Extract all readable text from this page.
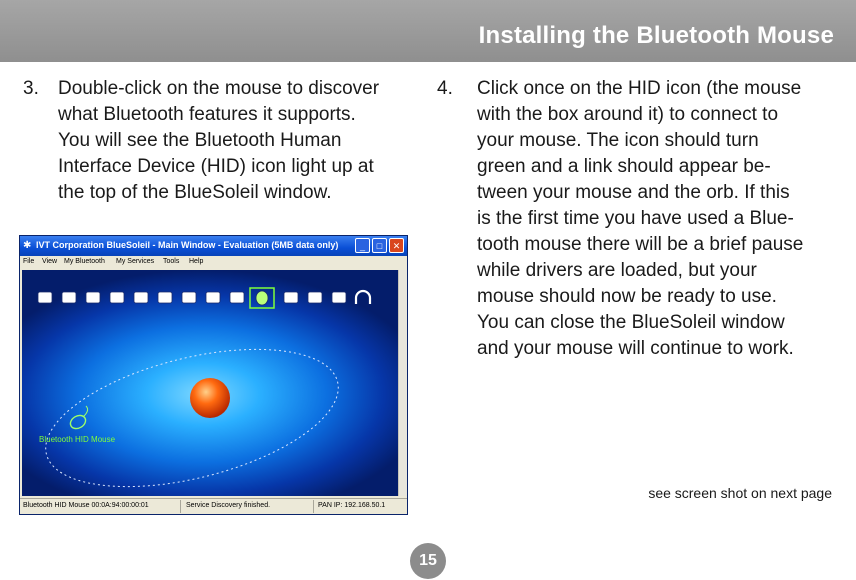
Installing the Bluetooth Mouse
3. Double-click on the mouse to discover
what Bluetooth features it supports.
You will see the Bluetooth Human
Interface Device (HID) icon light up at
the top of the BlueSoleil window.
4. Click once on the HID icon (the mouse
with the box around it) to connect to
your mouse. The icon should turn
green and a link should appear be-
tween your mouse and the orb. If this
is the first time you have used a Blue-
tooth mouse there will be a brief pause
while drivers are loaded, but your
mouse should now be ready to use.
You can close the BlueSoleil window
and your mouse will continue to work.
✱ IVT Corporation BlueSoleil - Main Window - Evaluation (5MB data only)	_	□	✕
File View My Bluetooth My Services Tools Help
Bluetooth HID Mouse
Bluetooth HID Mouse 00:0A:94:00:00:01	Service Discovery finished.	PAN IP: 192.168.50.1
see screen shot on next page
15
